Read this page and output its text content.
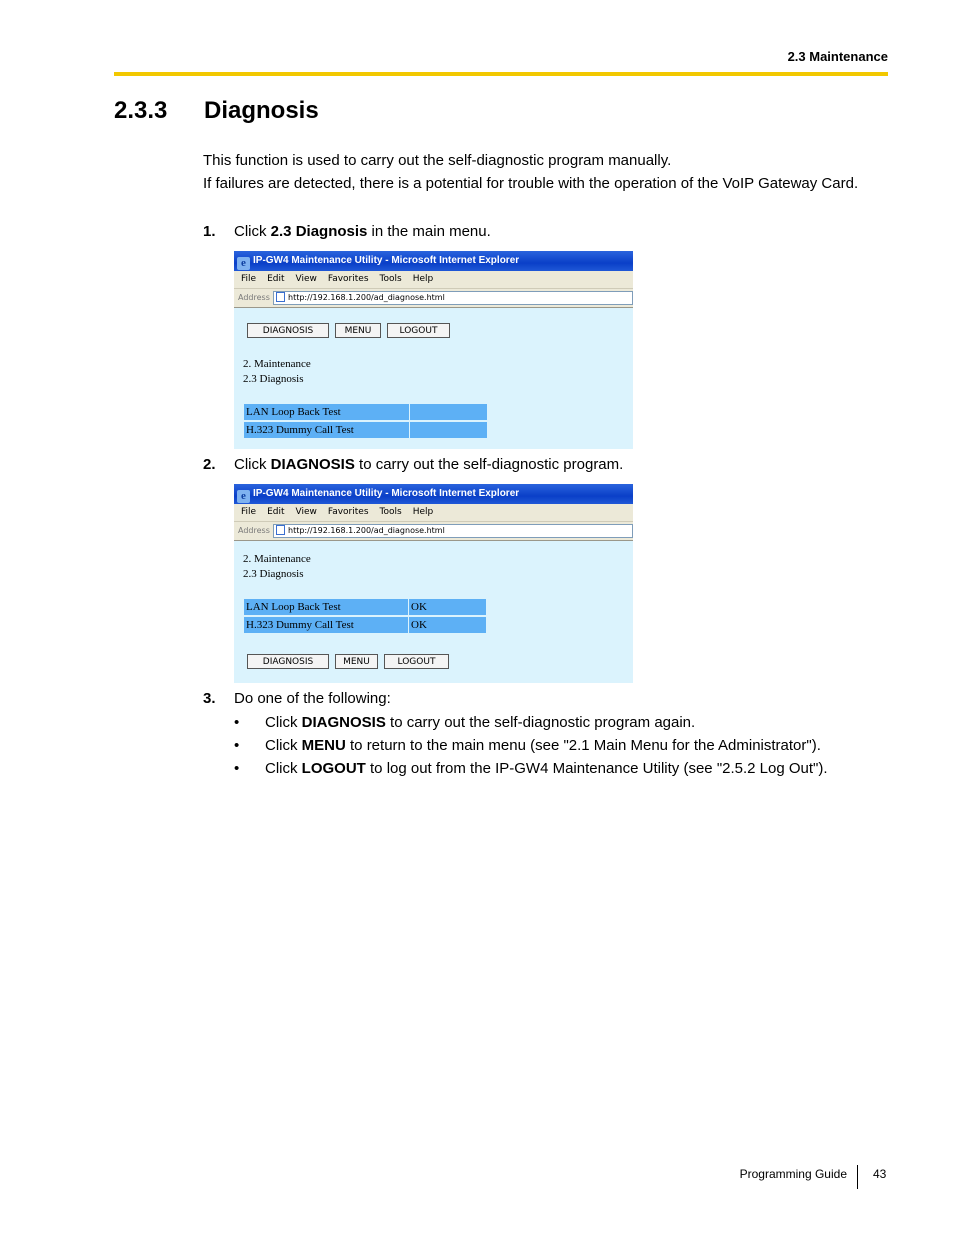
2.3 Maintenance
2.3.3 Diagnosis
This function is used to carry out the self-diagnostic program manually.
If failures are detected, there is a potential for trouble with the operation of the VoIP Gateway Card.
1. Click 2.3 Diagnosis in the main menu.
e IP-GW4 Maintenance Utility - Microsoft Internet Explorer
File Edit View Favorites Tools Help
Address	http://192.168.1.200/ad_diagnose.html
DIAGNOSIS	MENU	LOGOUT
2. Maintenance
2.3 Diagnosis
LAN Loop Back Test
H.323 Dummy Call Test
2. Click DIAGNOSIS to carry out the self-diagnostic program.
e IP-GW4 Maintenance Utility - Microsoft Internet Explorer
File Edit View Favorites Tools Help
Address	http://192.168.1.200/ad_diagnose.html
2. Maintenance
2.3 Diagnosis
LAN Loop Back Test	OK
H.323 Dummy Call Test	OK
DIAGNOSIS	MENU	LOGOUT
3. Do one of the following:
• Click DIAGNOSIS to carry out the self-diagnostic program again.
• Click MENU to return to the main menu (see "2.1 Main Menu for the Administrator").
• Click LOGOUT to log out from the IP-GW4 Maintenance Utility (see "2.5.2 Log Out").
Programming Guide 43
